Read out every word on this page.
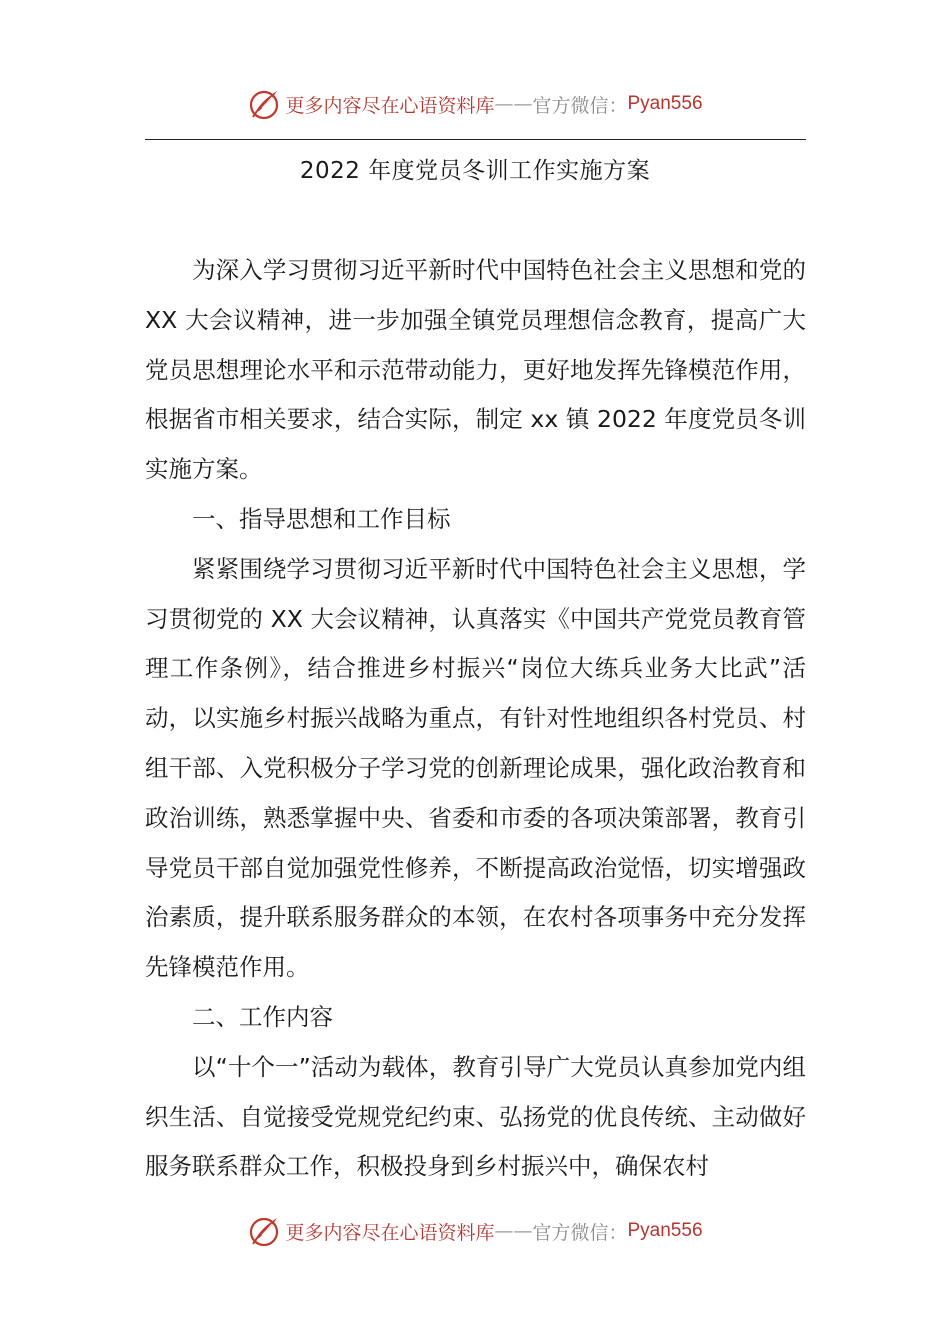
更多内容尽在心语资料库 —— 官方微信： Pyan556
2022 年度党员冬训工作实施方案

为深入学习贯彻习近平新时代中国特色社会主义思想和党的 XX 大会议精神，进一步加强全镇党员理想信念教育，提高广大党员思想理论水平和示范带动能力，更好地发挥先锋模范作用，根据省市相关要求，结合实际，制定 xx 镇 2022 年度党员冬训实施方案。

一、指导思想和工作目标

紧紧围绕学习贯彻习近平新时代中国特色社会主义思想，学习贯彻党的 XX 大会议精神，认真落实《中国共产党党员教育管理工作条例》，结合推进乡村振兴“岗位大练兵业务大比武”活动，以实施乡村振兴战略为重点，有针对性地组织各村党员、村组干部、入党积极分子学习党的创新理论成果，强化政治教育和政治训练，熟悉掌握中央、省委和市委的各项决策部署，教育引导党员干部自觉加强党性修养，不断提高政治觉悟，切实增强政治素质，提升联系服务群众的本领，在农村各项事务中充分发挥先锋模范作用。

二、工作内容

以“十个一”活动为载体，教育引导广大党员认真参加党内组织生活、自觉接受党规党纪约束、弘扬党的优良传统、主动做好服务联系群众工作，积极投身到乡村振兴中，确保农村

更多内容尽在心语资料库 —— 官方微信： Pyan556
